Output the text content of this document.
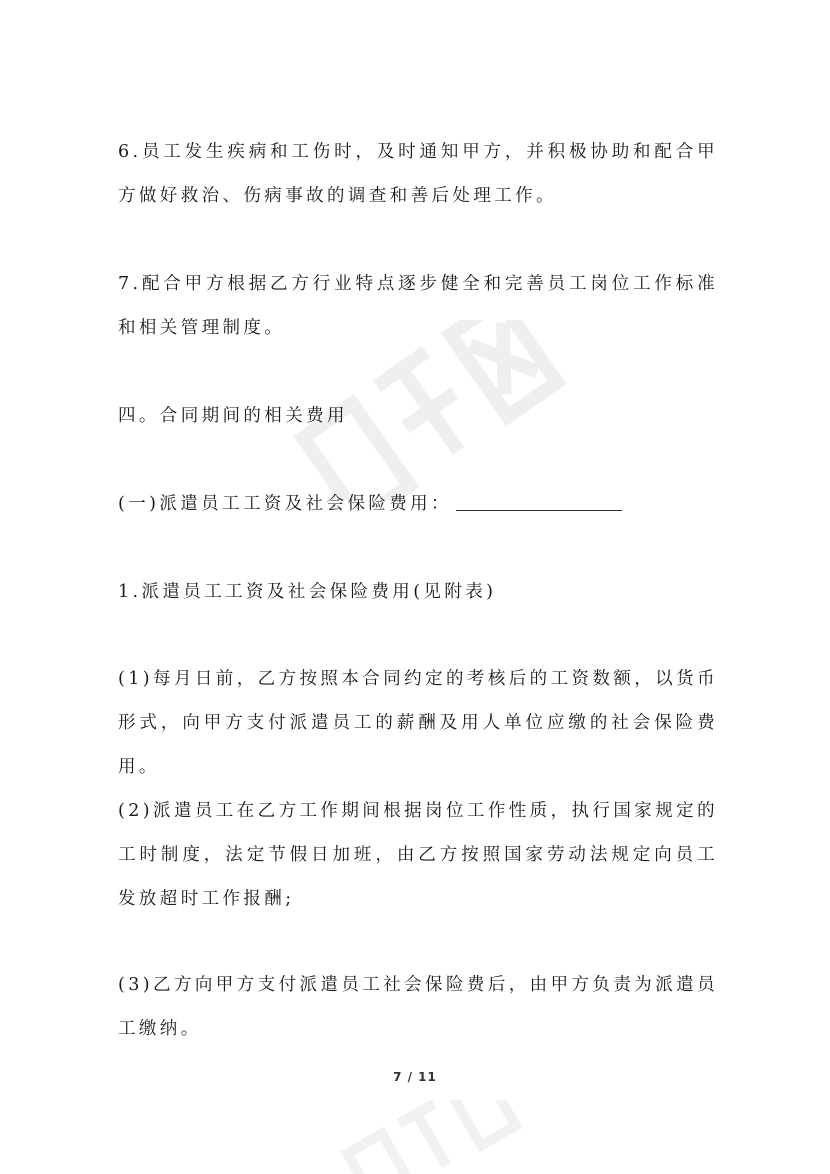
6.员工发生疾病和工伤时，及时通知甲方，并积极协助和配合甲方做好救治、伤病事故的调查和善后处理工作。

7.配合甲方根据乙方行业特点逐步健全和完善员工岗位工作标准和相关管理制度。

四。合同期间的相关费用

(一)派遣员工工资及社会保险费用：

1.派遣员工工资及社会保险费用(见附表)

(1)每月日前，乙方按照本合同约定的考核后的工资数额，以货币形式，向甲方支付派遣员工的薪酬及用人单位应缴的社会保险费用。

(2)派遣员工在乙方工作期间根据岗位工作性质，执行国家规定的工时制度，法定节假日加班，由乙方按照国家劳动法规定向员工发放超时工作报酬;

(3)乙方向甲方支付派遣员工社会保险费后，由甲方负责为派遣员工缴纳。

7 / 11
